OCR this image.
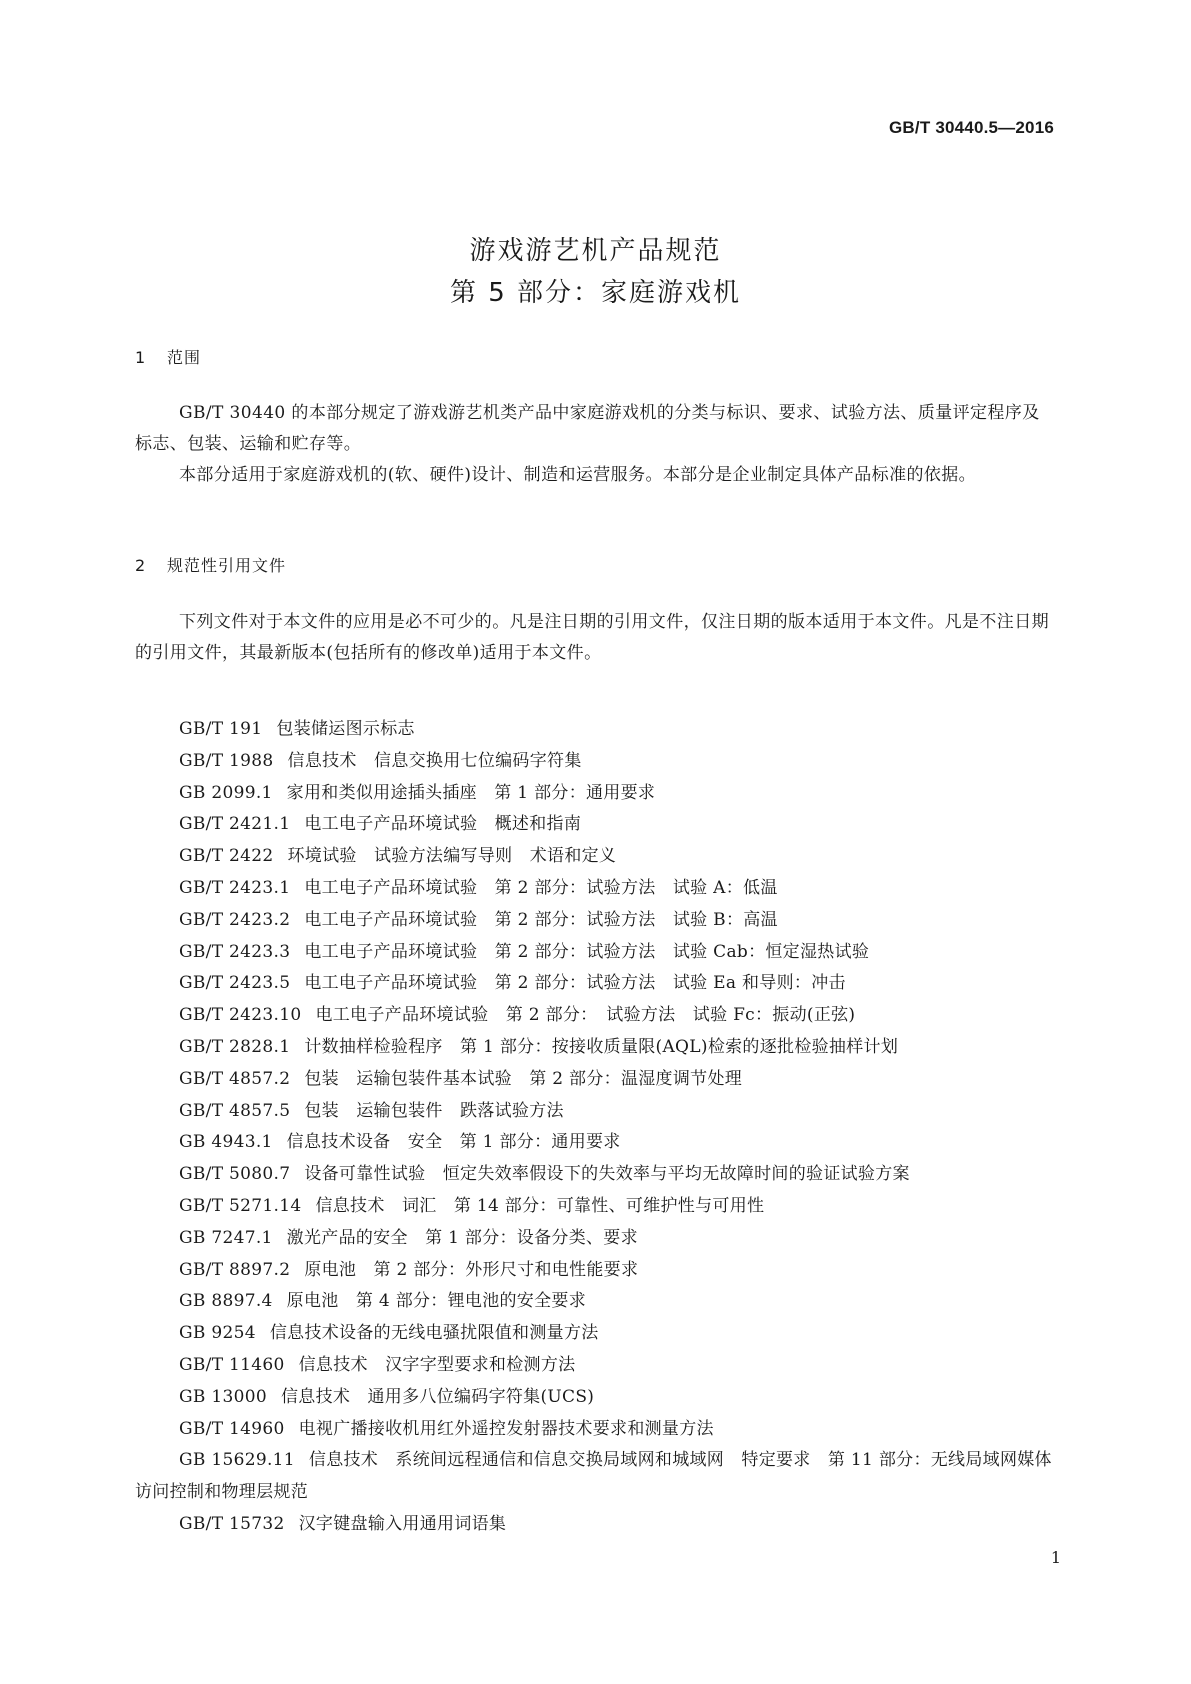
GB/T 30440.5—2016
游戏游艺机产品规范
第 5 部分：家庭游戏机
1 范围

GB/T 30440 的本部分规定了游戏游艺机类产品中家庭游戏机的分类与标识、要求、试验方法、质量评定程序及标志、包装、运输和贮存等。

本部分适用于家庭游戏机的(软、硬件)设计、制造和运营服务。本部分是企业制定具体产品标准的依据。

2 规范性引用文件

下列文件对于本文件的应用是必不可少的。凡是注日期的引用文件，仅注日期的版本适用于本文件。凡是不注日期的引用文件，其最新版本(包括所有的修改单)适用于本文件。

GB/T 191 包装储运图示标志
GB/T 1988 信息技术　信息交换用七位编码字符集
GB 2099.1 家用和类似用途插头插座　第 1 部分：通用要求
GB/T 2421.1 电工电子产品环境试验　概述和指南
GB/T 2422 环境试验　试验方法编写导则　术语和定义
GB/T 2423.1 电工电子产品环境试验　第 2 部分：试验方法　试验 A：低温
GB/T 2423.2 电工电子产品环境试验　第 2 部分：试验方法　试验 B：高温
GB/T 2423.3 电工电子产品环境试验　第 2 部分：试验方法　试验 Cab：恒定湿热试验
GB/T 2423.5 电工电子产品环境试验　第 2 部分：试验方法　试验 Ea 和导则：冲击
GB/T 2423.10 电工电子产品环境试验　第 2 部分：　试验方法　试验 Fc：振动(正弦)
GB/T 2828.1 计数抽样检验程序　第 1 部分：按接收质量限(AQL)检索的逐批检验抽样计划
GB/T 4857.2 包装　运输包装件基本试验　第 2 部分：温湿度调节处理
GB/T 4857.5 包装　运输包装件　跌落试验方法
GB 4943.1 信息技术设备　安全　第 1 部分：通用要求
GB/T 5080.7 设备可靠性试验　恒定失效率假设下的失效率与平均无故障时间的验证试验方案
GB/T 5271.14 信息技术　词汇　第 14 部分：可靠性、可维护性与可用性
GB 7247.1 激光产品的安全　第 1 部分：设备分类、要求
GB/T 8897.2 原电池　第 2 部分：外形尺寸和电性能要求
GB 8897.4 原电池　第 4 部分：锂电池的安全要求
GB 9254 信息技术设备的无线电骚扰限值和测量方法
GB/T 11460 信息技术　汉字字型要求和检测方法
GB 13000 信息技术　通用多八位编码字符集(UCS)
GB/T 14960 电视广播接收机用红外遥控发射器技术要求和测量方法
GB 15629.11 信息技术　系统间远程通信和信息交换局域网和城域网　特定要求　第 11 部分：无线局域网媒体访问控制和物理层规范
GB/T 15732 汉字键盘输入用通用词语集
1
